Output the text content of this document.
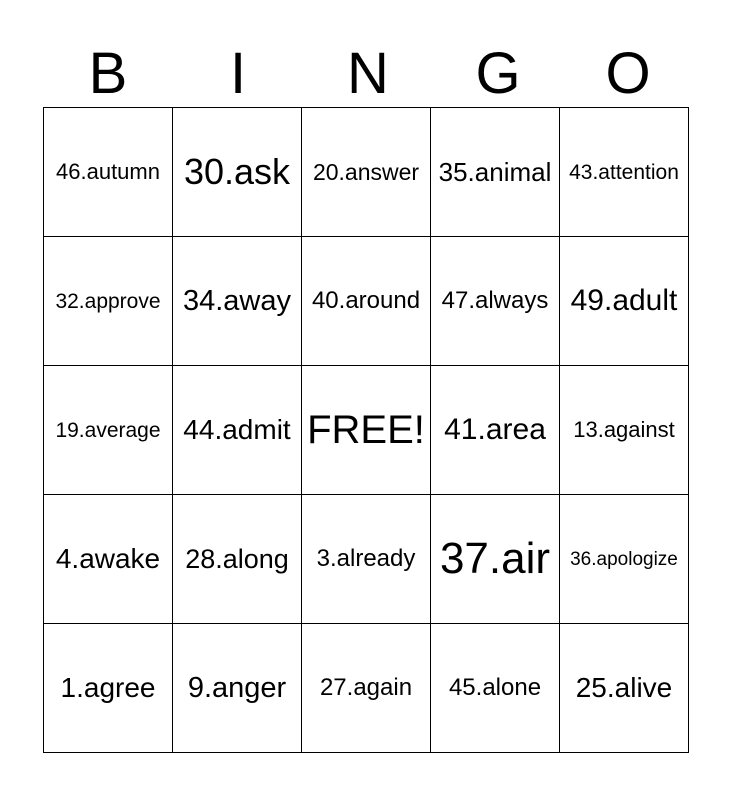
B	I	N	G	O
46.autumn	30.ask	20.answer	35.animal	43.attention
32.approve	34.away	40.around	47.always	49.adult
19.average	44.admit	FREE!	41.area	13.against
4.awake	28.along	3.already	37.air	36.apologize
1.agree	9.anger	27.again	45.alone	25.alive
